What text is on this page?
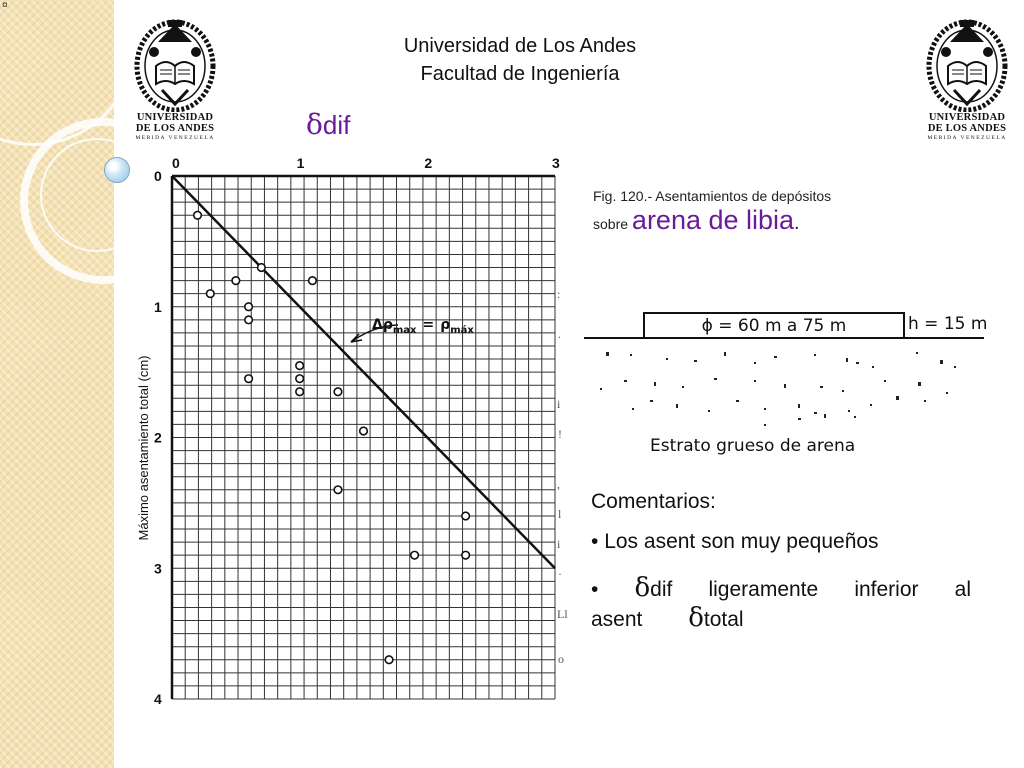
¤
UNIVERSIDAD
DE LOS ANDES
MERIDA VENEZUELA
UNIVERSIDAD
DE LOS ANDES
MERIDA VENEZUELA
Universidad de Los Andes
Facultad de Ingeniería
δdif
0	1	2	3
0
1
2
3
4
:
.
i
!
,
l
i
·
Ll
o
Máximo asentamiento total (cm)
$\Delta\rho_{max} = \rho_{máx}$
Fig. 120.- Asentamientos de depósitos
sobre arena de libia.
ϕ = 60 m a 75 m	h = 15 m
Estrato grueso de arena
Comentarios:
• Los asent son muy pequeños
• δdif ligeramente inferior al
asent δtotal
